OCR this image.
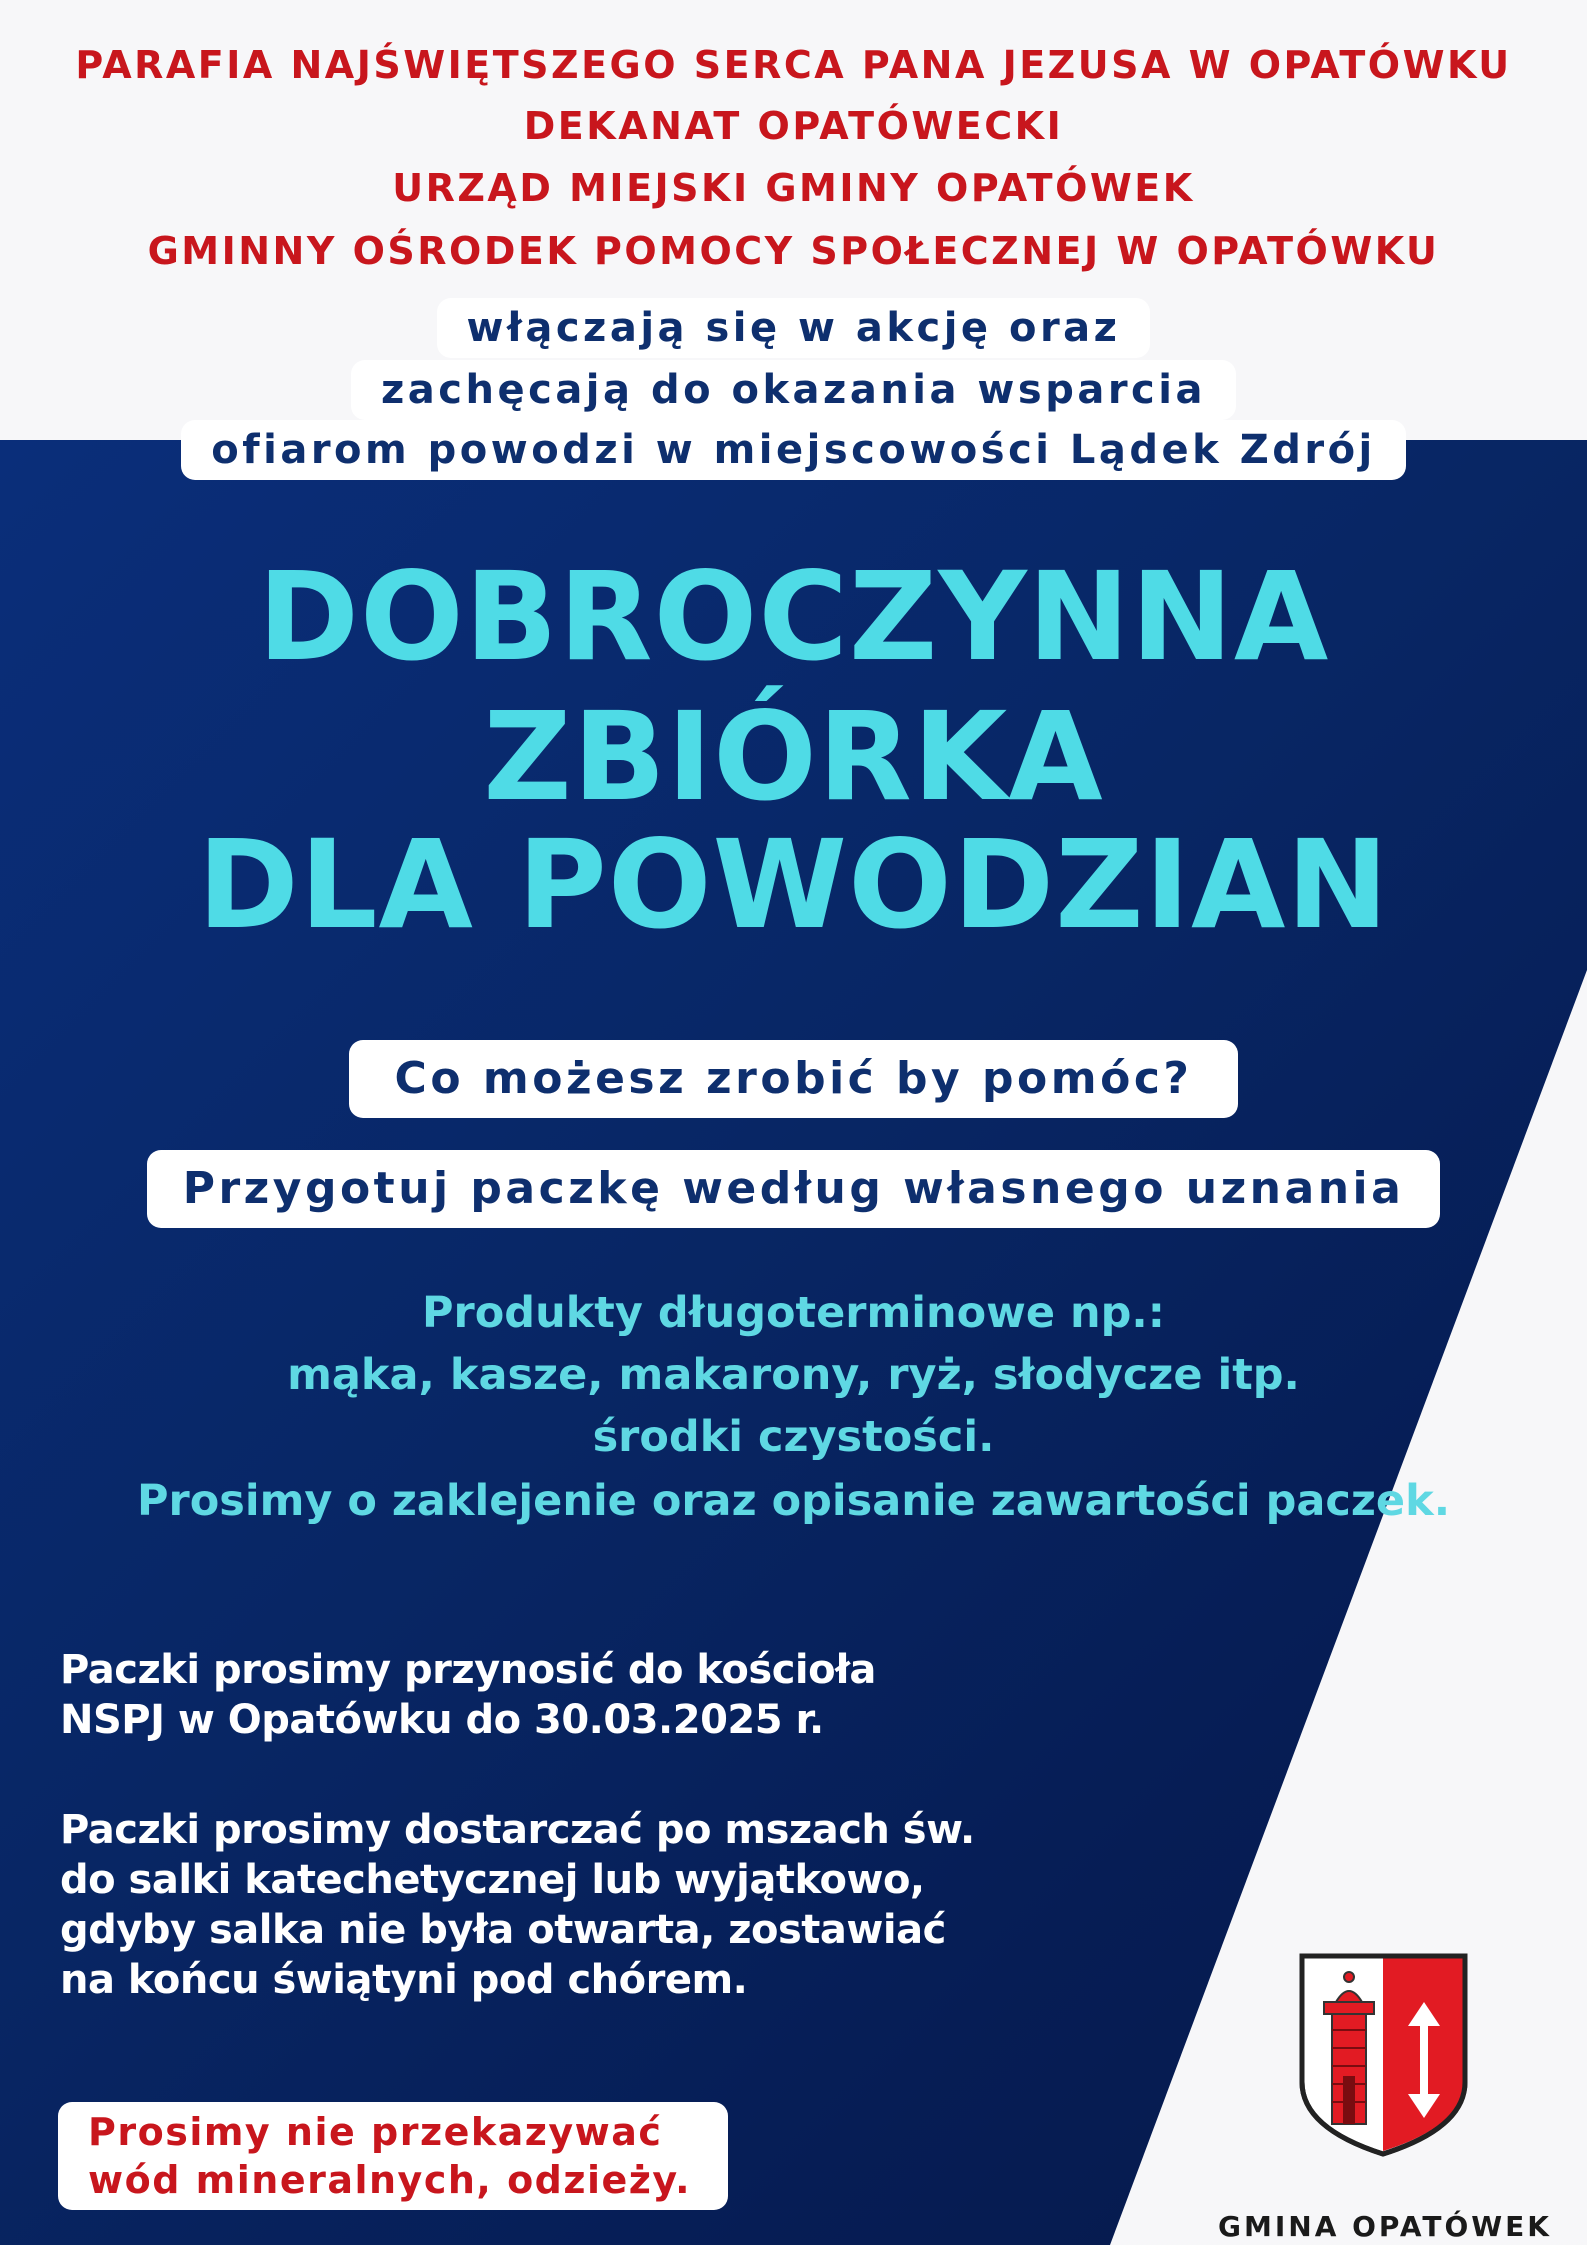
PARAFIA NAJŚWIĘTSZEGO SERCA PANA JEZUSA W OPATÓWKU
DEKANAT OPATÓWECKI
URZĄD MIEJSKI GMINY OPATÓWEK
GMINNY OŚRODEK POMOCY SPOŁECZNEJ W OPATÓWKU
włączają się w akcję oraz
zachęcają do okazania wsparcia
ofiarom powodzi w miejscowości Lądek Zdrój
DOBROCZYNNA
ZBIÓRKA
DLA POWODZIAN
Co możesz zrobić by pomóc?
Przygotuj paczkę według własnego uznania
Produkty długoterminowe np.:
mąka, kasze, makarony, ryż, słodycze itp.
środki czystości.
Prosimy o zaklejenie oraz opisanie zawartości paczek.
Paczki prosimy przynosić do kościoła
NSPJ w Opatówku do 30.03.2025 r.
Paczki prosimy dostarczać po mszach św.
do salki katechetycznej lub wyjątkowo,
gdyby salka nie była otwarta, zostawiać
na końcu świątyni pod chórem.
Prosimy nie przekazywać
wód mineralnych, odzieży.
GMINA OPATÓWEK
